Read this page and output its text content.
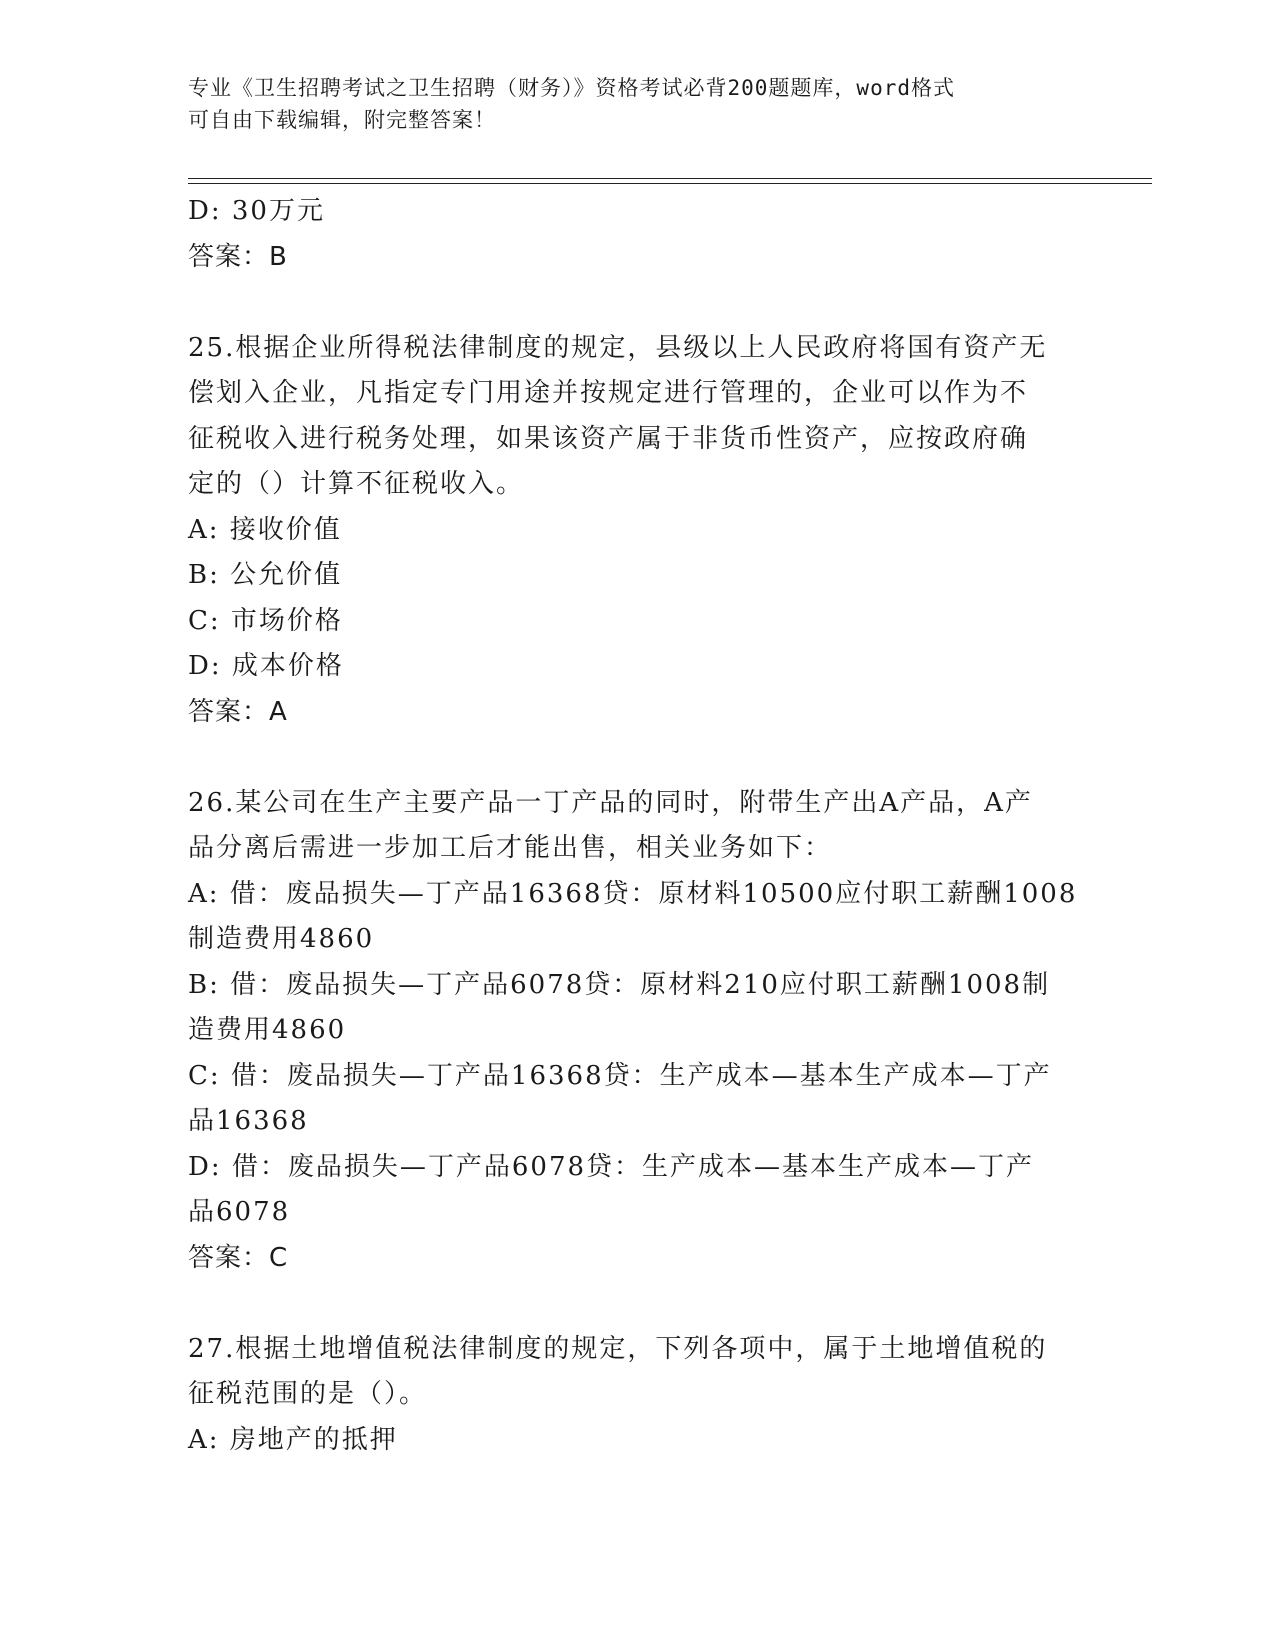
专业《卫生招聘考试之卫生招聘（财务）》资格考试必背200题题库，word格式
可自由下载编辑，附完整答案！
D: 30万元
答案：B
25.根据企业所得税法律制度的规定，县级以上人民政府将国有资产无
偿划入企业，凡指定专门用途并按规定进行管理的，企业可以作为不
征税收入进行税务处理，如果该资产属于非货币性资产，应按政府确
定的（）计算不征税收入。
A: 接收价值
B: 公允价值
C: 市场价格
D: 成本价格
答案：A
26.某公司在生产主要产品一丁产品的同时，附带生产出A产品，A产
品分离后需进一步加工后才能出售，相关业务如下：
A: 借：废品损失—丁产品16368贷：原材料10500应付职工薪酬1008
制造费用4860
B: 借：废品损失—丁产品6078贷：原材料210应付职工薪酬1008制
造费用4860
C: 借：废品损失—丁产品16368贷：生产成本—基本生产成本—丁产
品16368
D: 借：废品损失—丁产品6078贷：生产成本—基本生产成本—丁产
品6078
答案：C
27.根据土地增值税法律制度的规定，下列各项中，属于土地增值税的
征税范围的是（）。
A: 房地产的抵押
